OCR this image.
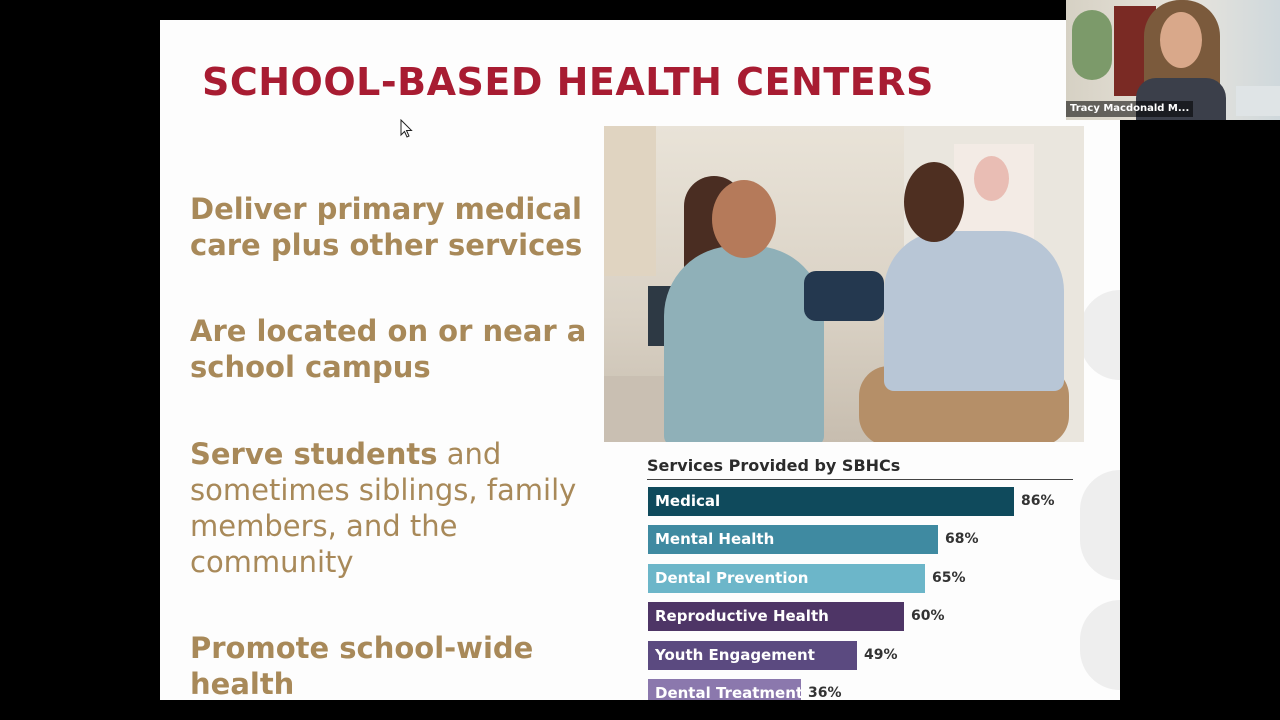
SCHOOL-BASED HEALTH CENTERS

Deliver primary medical care plus other services

Are located on or near a school campus

Serve students and sometimes siblings, family members, and the community

Promote school-wide health

Services Provided by SBHCs
Medical	86%
Mental Health	68%
Dental Prevention	65%
Reproductive Health	60%
Youth Engagement	49%
Dental Treatment 36%
Tracy Macdonald M...
